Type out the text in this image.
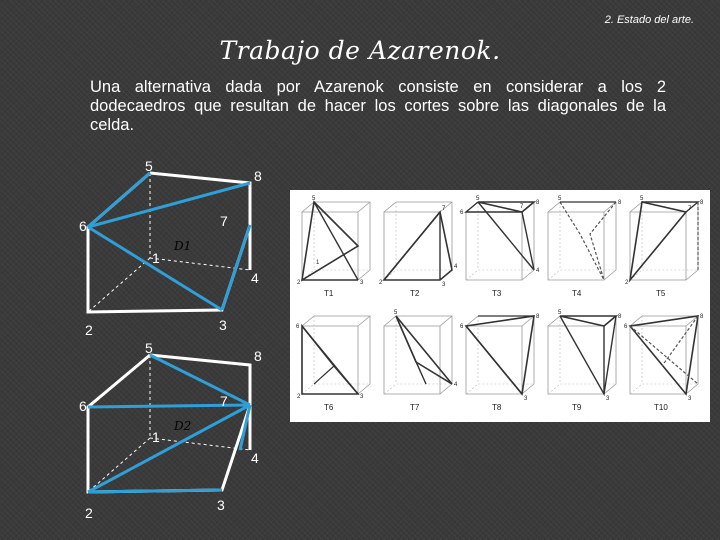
2. Estado del arte.
Trabajo de Azarenok.
Una alternativa dada por Azarenok consiste en considerar a los 2 dodecaedros que resultan de hacer los cortes sobre las diagonales de la celda.
5
8
6	7
1
4
2	3
D1
5	8
6	7
1
4
2	3
D2
5
2	3
1
T1
7
2	3
4
T2
5
6
7
8
4
T3
5
8
T4
5
8
7
2
T5
6
2	3
T6
5
4
T7
6
8
3
T8
5
8
3
T9
6
8
3
T10
